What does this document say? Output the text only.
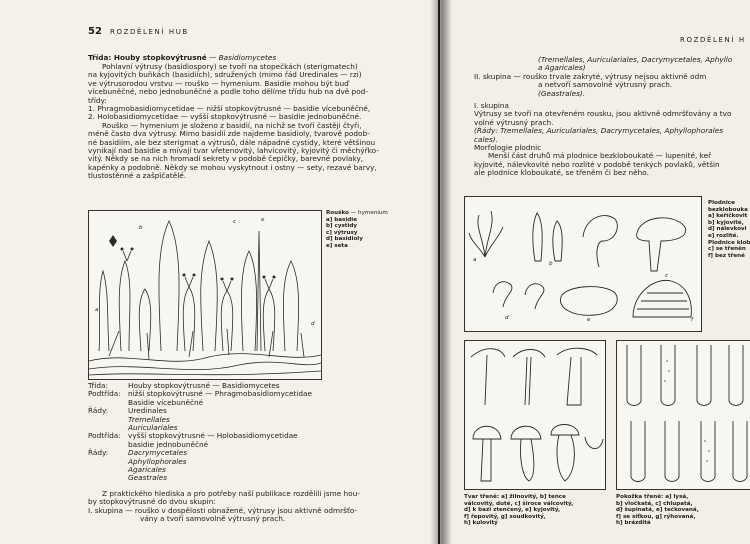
52 ROZDĚLENÍ HUB
Třída: Houby stopkovýtrusné — Basidiomycetes
Pohlavní výtrusy (basidiospory) se tvoří na stopečkách (sterigmatech)
na kyjovitých buňkách (basidiích), sdružených (mimo řád Uredinales — rzi)
ve výtrusorodou vrstvu — rouško — hymenium. Basidie mohou být buď
vícebuněčné, nebo jednobuněčné a podle toho dělíme třídu hub na dvě pod-
třídy:
1. Phragmobasidiomycetidae — nižší stopkovýtrusné — basidie vícebuněčné,
2. Holobasidiomycetidae — vyšší stopkovýtrusné — basidie jednobuněčné.
Rouško — hymenium je složeno z basidií, na nichž se tvoří častěji čtyři,
méně často dva výtrusy. Mimo basidií zde najdeme basidioly, tvarově podob-
né basidiím, ale bez sterigmat a výtrusů, dále nápadné cystidy, které většinou
vynikají nad basidie a mívají tvar vřetenovitý, lahvicovitý, kyjovitý či měchýřko-
vitý. Někdy se na nich hromadí sekrety v podobě čepičky, barevné povlaky,
kapénky a podobně. Někdy se mohou vyskytnout i ostny — sety, rezavé barvy,
tlustostěnné a zašpičatělé.
a
b
c
d
e
Rouško — hymenium
a] basidie
b] cystidy
c] výtrusy
d] basidioly
e] seta
Třída:	Houby stopkovýtrusné — Basidiomycetes
Podtřída: nižší stopkovýtrusné — Phragmobasidiomycetidae
Basidie vícebuněčné
Řády:	Uredinales
Tremellales
Auriculariales
Podtřída: vyšší stopkovýtrusné — Holobasidiomycetidae
basidie jednobuněčné
Řády:	Dacrymycetales
Aphyllophorales
Agaricales
Geastrales
Z praktického hlediska a pro potřeby naší publikace rozdělili jsme hou-
by stopkovýtrusné do dvou skupin:
I. skupina — rouško v dospělosti obnažené, výtrusy jsou aktivně odmršťo-
vány a tvoří samovolně výtrusný prach.
ROZDĚLENÍ H
(Tremellales, Auriculariales, Dacrymycetales, Aphyllo
a Agaricales)
II. skupina — rouško trvale zakryté, výtrusy nejsou aktivně odm
a netvoří samovolně výtrusný prach.
(Geastrales).
I. skupina
Výtrusy se tvoří na otevřeném rousku, jsou aktivně odmršťovány a tvo
volné výtrusný prach.
(Řády: Tremellales, Auriculariales, Dacrymycetales, Aphyllophorales
cales).
Morfologie plodnic
Menší část druhů má plodnice bezkloboukaté — lupenité, keř
kyjovité, nálevkovité nebo rozlité v podobě tenkých povlaků, většin
ale plodnice kloboukaté, se třeněm či bez něho.
a
b
c
d	e	f
Plodnice
bezklobouka
a] keříčkovit
b] kyjovité,
d] nálevkovi
e] rozlité.
Plodnice klob
c] se třeněn
f] bez třené
Tvar třeně: a] žilnovitý, b] tence
válcovitý, duté, c] široce válcovitý,
d] k bazi ztenčený, e] kyjovitý,
f] řepovitý, g] soudkovitý,
h] kulovitý
Pokožka třeně: a] lysá,
b] vločkatá, c] chlupatá,
d] šupinatá, e] tečkovaná,
f] se síťkou, g] rýhovaná,
h] brázditá
